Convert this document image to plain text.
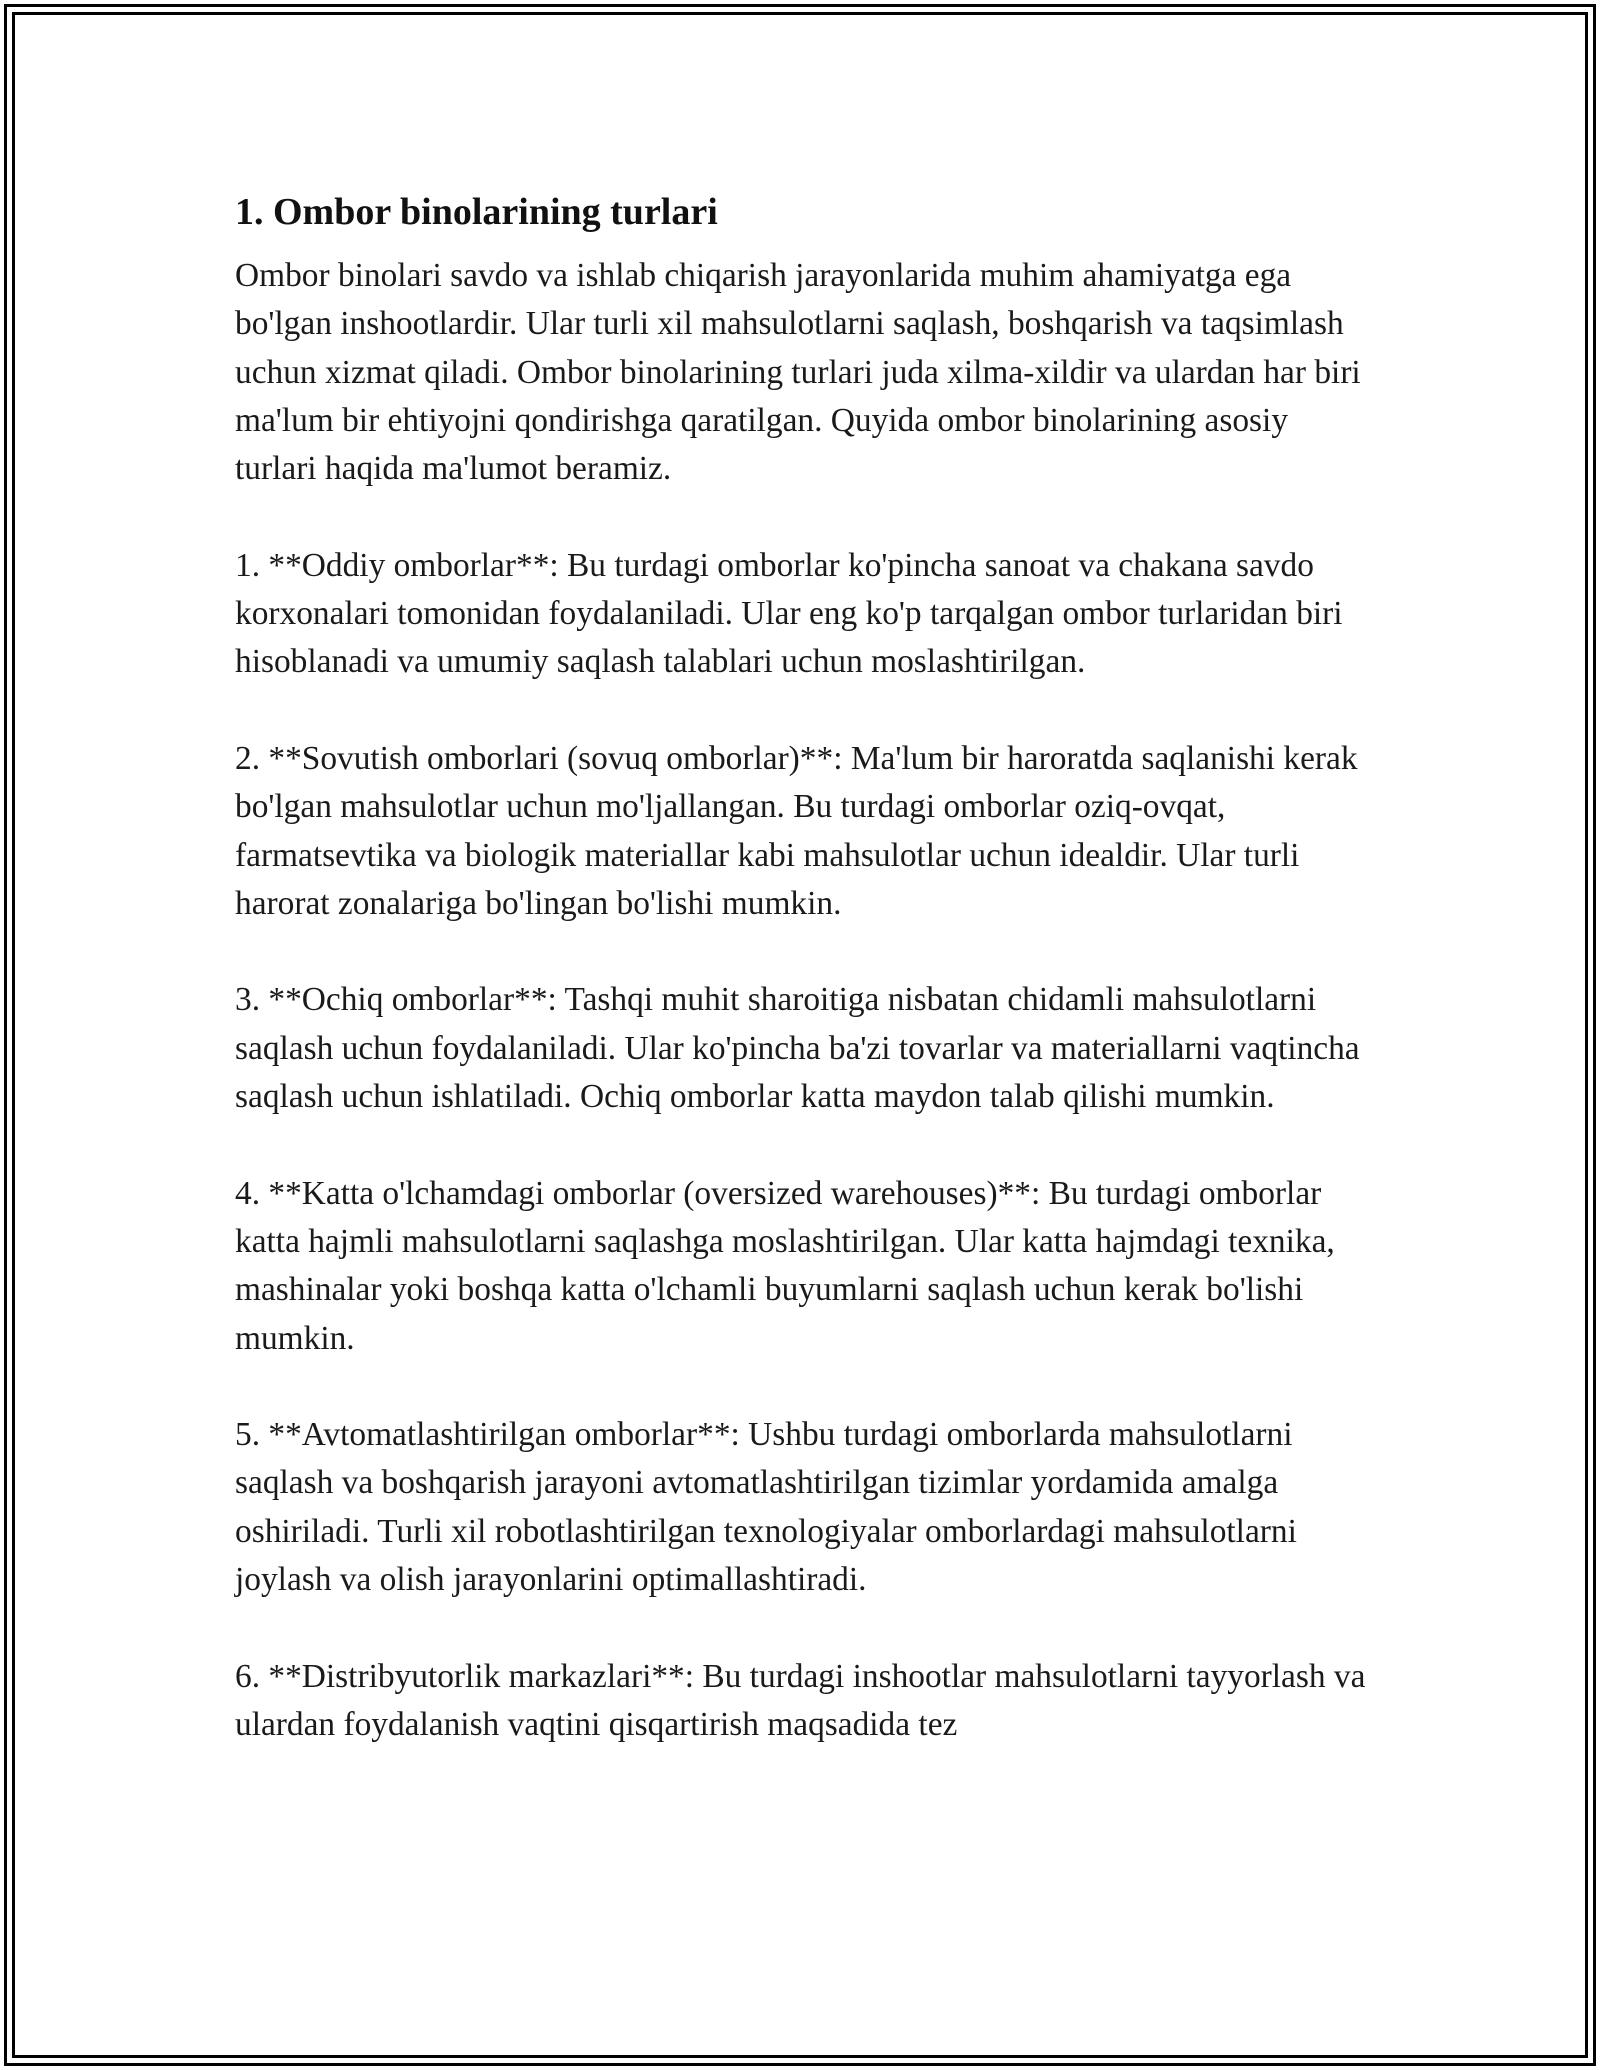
1. Ombor binolarining turlari

Ombor binolari savdo va ishlab chiqarish jarayonlarida muhim ahamiyatga ega bo'lgan inshootlardir. Ular turli xil mahsulotlarni saqlash, boshqarish va taqsimlash uchun xizmat qiladi. Ombor binolarining turlari juda xilma-xildir va ulardan har biri ma'lum bir ehtiyojni qondirishga qaratilgan. Quyida ombor binolarining asosiy turlari haqida ma'lumot beramiz.

1. **Oddiy omborlar**: Bu turdagi omborlar ko'pincha sanoat va chakana savdo korxonalari tomonidan foydalaniladi. Ular eng ko'p tarqalgan ombor turlaridan biri hisoblanadi va umumiy saqlash talablari uchun moslashtirilgan.

2. **Sovutish omborlari (sovuq omborlar)**: Ma'lum bir haroratda saqlanishi kerak bo'lgan mahsulotlar uchun mo'ljallangan. Bu turdagi omborlar oziq-ovqat, farmatsevtika va biologik materiallar kabi mahsulotlar uchun idealdir. Ular turli harorat zonalariga bo'lingan bo'lishi mumkin.

3. **Ochiq omborlar**: Tashqi muhit sharoitiga nisbatan chidamli mahsulotlarni saqlash uchun foydalaniladi. Ular ko'pincha ba'zi tovarlar va materiallarni vaqtincha saqlash uchun ishlatiladi. Ochiq omborlar katta maydon talab qilishi mumkin.

4. **Katta o'lchamdagi omborlar (oversized warehouses)**: Bu turdagi omborlar katta hajmli mahsulotlarni saqlashga moslashtirilgan. Ular katta hajmdagi texnika, mashinalar yoki boshqa katta o'lchamli buyumlarni saqlash uchun kerak bo'lishi mumkin.

5. **Avtomatlashtirilgan omborlar**: Ushbu turdagi omborlarda mahsulotlarni saqlash va boshqarish jarayoni avtomatlashtirilgan tizimlar yordamida amalga oshiriladi. Turli xil robotlashtirilgan texnologiyalar omborlardagi mahsulotlarni joylash va olish jarayonlarini optimallashtiradi.

6. **Distribyutorlik markazlari**: Bu turdagi inshootlar mahsulotlarni tayyorlash va ulardan foydalanish vaqtini qisqartirish maqsadida tez
